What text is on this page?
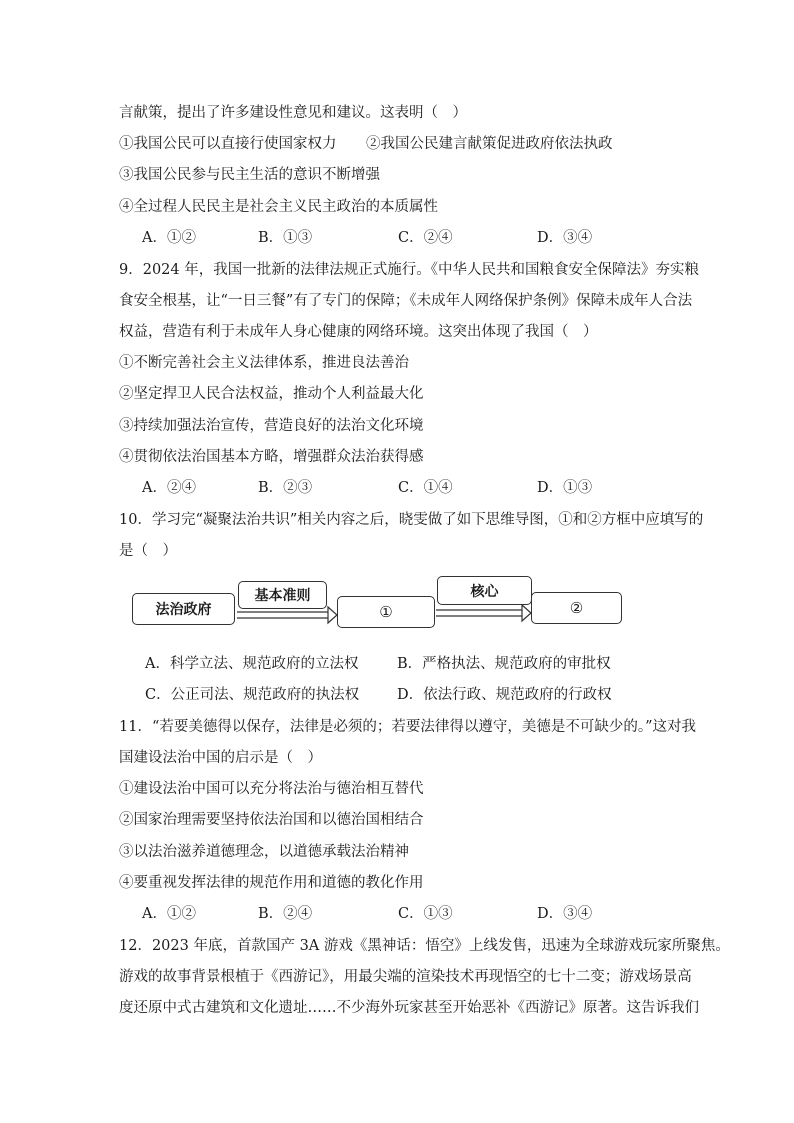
言献策，提出了许多建设性意见和建议。这表明（　）
①我国公民可以直接行使国家权力 ②我国公民建言献策促进政府依法执政
③我国公民参与民主生活的意识不断增强
④全过程人民民主是社会主义民主政治的本质属性
A．①②	B．①③	C．②④	D．③④
9．2024 年，我国一批新的法律法规正式施行。《中华人民共和国粮食安全保障法》夯实粮
食安全根基，让“一日三餐”有了专门的保障；《未成年人网络保护条例》保障未成年人合法
权益，营造有利于未成年人身心健康的网络环境。这突出体现了我国（　）
①不断完善社会主义法律体系，推进良法善治
②坚定捍卫人民合法权益，推动个人利益最大化
③持续加强法治宣传，营造良好的法治文化环境
④贯彻依法治国基本方略，增强群众法治获得感
A．②④	B．②③	C．①④	D．①③
10．学习完“凝聚法治共识”相关内容之后，晓雯做了如下思维导图，①和②方框中应填写的
是（　）
法治政府
基本准则
①
核心
②
A．科学立法、规范政府的立法权	B．严格执法、规范政府的审批权
C．公正司法、规范政府的执法权	D．依法行政、规范政府的行政权
11．“若要美德得以保存，法律是必须的；若要法律得以遵守，美德是不可缺少的。”这对我
国建设法治中国的启示是（　）
①建设法治中国可以充分将法治与德治相互替代
②国家治理需要坚持依法治国和以德治国相结合
③以法治滋养道德理念，以道德承载法治精神
④要重视发挥法律的规范作用和道德的教化作用
A．①②	B．②④	C．①③	D．③④
12．2023 年底，首款国产 3A 游戏《黑神话：悟空》上线发售，迅速为全球游戏玩家所聚焦。
游戏的故事背景根植于《西游记》，用最尖端的渲染技术再现悟空的七十二变；游戏场景高
度还原中式古建筑和文化遗址……不少海外玩家甚至开始恶补《西游记》原著。这告诉我们
